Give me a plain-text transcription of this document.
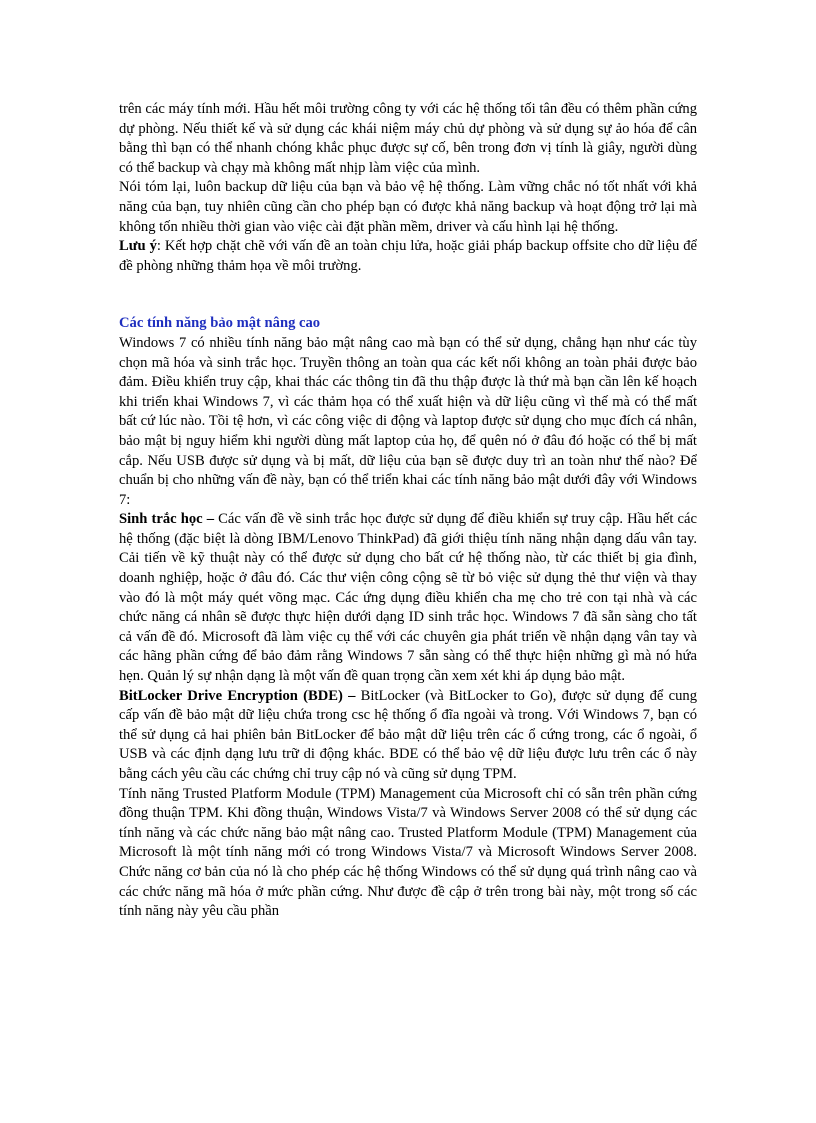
trên các máy tính mới. Hầu hết môi trường công ty với các hệ thống tối tân đều có thêm phần cứng dự phòng. Nếu thiết kế và sử dụng các khái niệm máy chủ dự phòng và sử dụng sự ảo hóa để cân bằng thì bạn có thể nhanh chóng khắc phục được sự cố, bên trong đơn vị tính là giây, người dùng có thể backup và chạy mà không mất nhịp làm việc của mình.

Nói tóm lại, luôn backup dữ liệu của bạn và bảo vệ hệ thống. Làm vững chắc nó tốt nhất với khả năng của bạn, tuy nhiên cũng cần cho phép bạn có được khả năng backup và hoạt động trở lại mà không tốn nhiều thời gian vào việc cài đặt phần mềm, driver và cấu hình lại hệ thống.

Lưu ý: Kết hợp chặt chẽ với vấn đề an toàn chịu lửa, hoặc giải pháp backup offsite cho dữ liệu để đề phòng những thảm họa về môi trường.

Các tính năng bảo mật nâng cao

Windows 7 có nhiều tính năng bảo mật nâng cao mà bạn có thể sử dụng, chẳng hạn như các tùy chọn mã hóa và sinh trắc học. Truyền thông an toàn qua các kết nối không an toàn phải được bảo đảm. Điều khiển truy cập, khai thác các thông tin đã thu thập được là thứ mà bạn cần lên kế hoạch khi triển khai Windows 7, vì các thảm họa có thể xuất hiện và dữ liệu cũng vì thế mà có thể mất bất cứ lúc nào. Tồi tệ hơn, vì các công việc di động và laptop được sử dụng cho mục đích cá nhân, bảo mật bị nguy hiểm khi người dùng mất laptop của họ, để quên nó ở đâu đó hoặc có thể bị mất cắp. Nếu USB được sử dụng và bị mất, dữ liệu của bạn sẽ được duy trì an toàn như thế nào? Để chuẩn bị cho những vấn đề này, bạn có thể triển khai các tính năng bảo mật dưới đây với Windows 7:

Sinh trắc học – Các vấn đề về sinh trắc học được sử dụng để điều khiển sự truy cập. Hầu hết các hệ thống (đặc biệt là dòng IBM/Lenovo ThinkPad) đã giới thiệu tính năng nhận dạng dấu vân tay. Cải tiến về kỹ thuật này có thể được sử dụng cho bất cứ hệ thống nào, từ các thiết bị gia đình, doanh nghiệp, hoặc ở đâu đó. Các thư viện công cộng sẽ từ bỏ việc sử dụng thẻ thư viện và thay vào đó là một máy quét võng mạc. Các ứng dụng điều khiển cha mẹ cho trẻ con tại nhà và các chức năng cá nhân sẽ được thực hiện dưới dạng ID sinh trắc học. Windows 7 đã sẵn sàng cho tất cả vấn đề đó. Microsoft đã làm việc cụ thể với các chuyên gia phát triển về nhận dạng vân tay và các hãng phần cứng để bảo đảm rằng Windows 7 sẵn sàng có thể thực hiện những gì mà nó hứa hẹn. Quản lý sự nhận dạng là một vấn đề quan trọng cần xem xét khi áp dụng bảo mật.

BitLocker Drive Encryption (BDE) – BitLocker (và BitLocker to Go), được sử dụng để cung cấp vấn đề bảo mật dữ liệu chứa trong csc hệ thống ổ đĩa ngoài và trong. Với Windows 7, bạn có thể sử dụng cả hai phiên bản BitLocker để bảo mật dữ liệu trên các ổ cứng trong, các ổ ngoài, ổ USB và các định dạng lưu trữ di động khác. BDE có thể bảo vệ dữ liệu được lưu trên các ổ này bằng cách yêu cầu các chứng chỉ truy cập nó và cũng sử dụng TPM.

Tính năng Trusted Platform Module (TPM) Management của Microsoft chỉ có sẵn trên phần cứng đồng thuận TPM. Khi đồng thuận, Windows Vista/7 và Windows Server 2008 có thể sử dụng các tính năng và các chức năng bảo mật nâng cao. Trusted Platform Module (TPM) Management của Microsoft là một tính năng mới có trong Windows Vista/7 và Microsoft Windows Server 2008. Chức năng cơ bản của nó là cho phép các hệ thống Windows có thể sử dụng quá trình nâng cao và các chức năng mã hóa ở mức phần cứng. Như được đề cập ở trên trong bài này, một trong số các tính năng này yêu cầu phần
